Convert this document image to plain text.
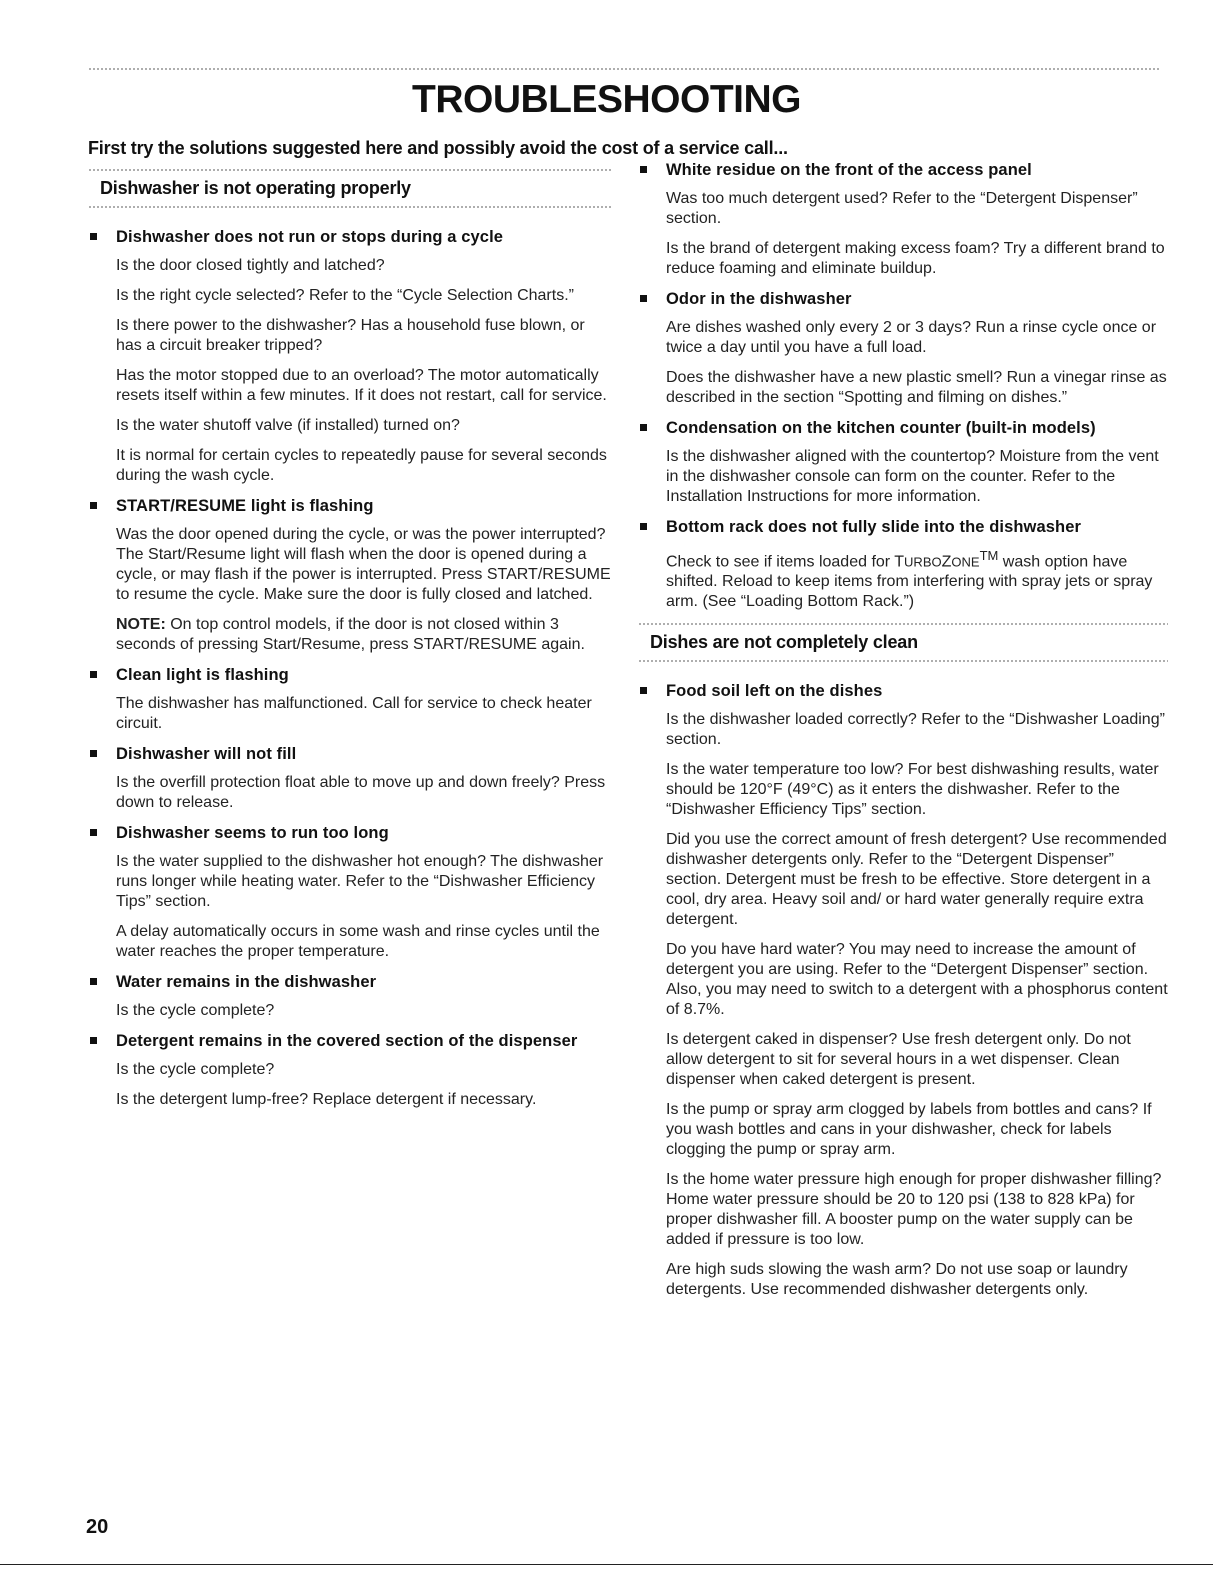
TROUBLESHOOTING

First try the solutions suggested here and possibly avoid the cost of a service call...

Dishwasher is not operating properly

Dishwasher does not run or stops during a cycle

Is the door closed tightly and latched?

Is the right cycle selected? Refer to the “Cycle Selection Charts.”

Is there power to the dishwasher? Has a household fuse blown, or has a circuit breaker tripped?

Has the motor stopped due to an overload? The motor automatically resets itself within a few minutes. If it does not restart, call for service.

Is the water shutoff valve (if installed) turned on?

It is normal for certain cycles to repeatedly pause for several seconds during the wash cycle.

START/RESUME light is flashing

Was the door opened during the cycle, or was the power interrupted? The Start/Resume light will flash when the door is opened during a cycle, or may flash if the power is interrupted. Press START/RESUME to resume the cycle. Make sure the door is fully closed and latched.

NOTE: On top control models, if the door is not closed within 3 seconds of pressing Start/Resume, press START/RESUME again.

Clean light is flashing

The dishwasher has malfunctioned. Call for service to check heater circuit.

Dishwasher will not fill

Is the overfill protection float able to move up and down freely? Press down to release.

Dishwasher seems to run too long

Is the water supplied to the dishwasher hot enough? The dishwasher runs longer while heating water. Refer to the “Dishwasher Efficiency Tips” section.

A delay automatically occurs in some wash and rinse cycles until the water reaches the proper temperature.

Water remains in the dishwasher

Is the cycle complete?

Detergent remains in the covered section of the dispenser

Is the cycle complete?

Is the detergent lump-free? Replace detergent if necessary.

White residue on the front of the access panel

Was too much detergent used? Refer to the “Detergent Dispenser” section.

Is the brand of detergent making excess foam? Try a different brand to reduce foaming and eliminate buildup.

Odor in the dishwasher

Are dishes washed only every 2 or 3 days? Run a rinse cycle once or twice a day until you have a full load.

Does the dishwasher have a new plastic smell? Run a vinegar rinse as described in the section “Spotting and filming on dishes.”

Condensation on the kitchen counter (built-in models)

Is the dishwasher aligned with the countertop? Moisture from the vent in the dishwasher console can form on the counter. Refer to the Installation Instructions for more information.

Bottom rack does not fully slide into the dishwasher

Check to see if items loaded for TURBOZONE™ wash option have shifted. Reload to keep items from interfering with spray jets or spray arm. (See “Loading Bottom Rack.”)

Dishes are not completely clean

Food soil left on the dishes

Is the dishwasher loaded correctly? Refer to the “Dishwasher Loading” section.

Is the water temperature too low? For best dishwashing results, water should be 120°F (49°C) as it enters the dishwasher. Refer to the “Dishwasher Efficiency Tips” section.

Did you use the correct amount of fresh detergent? Use recommended dishwasher detergents only. Refer to the “Detergent Dispenser” section. Detergent must be fresh to be effective. Store detergent in a cool, dry area. Heavy soil and/ or hard water generally require extra detergent.

Do you have hard water? You may need to increase the amount of detergent you are using. Refer to the “Detergent Dispenser” section. Also, you may need to switch to a detergent with a phosphorus content of 8.7%.

Is detergent caked in dispenser? Use fresh detergent only. Do not allow detergent to sit for several hours in a wet dispenser. Clean dispenser when caked detergent is present.

Is the pump or spray arm clogged by labels from bottles and cans? If you wash bottles and cans in your dishwasher, check for labels clogging the pump or spray arm.

Is the home water pressure high enough for proper dishwasher filling? Home water pressure should be 20 to 120 psi (138 to 828 kPa) for proper dishwasher fill. A booster pump on the water supply can be added if pressure is too low.

Are high suds slowing the wash arm? Do not use soap or laundry detergents. Use recommended dishwasher detergents only.

20
